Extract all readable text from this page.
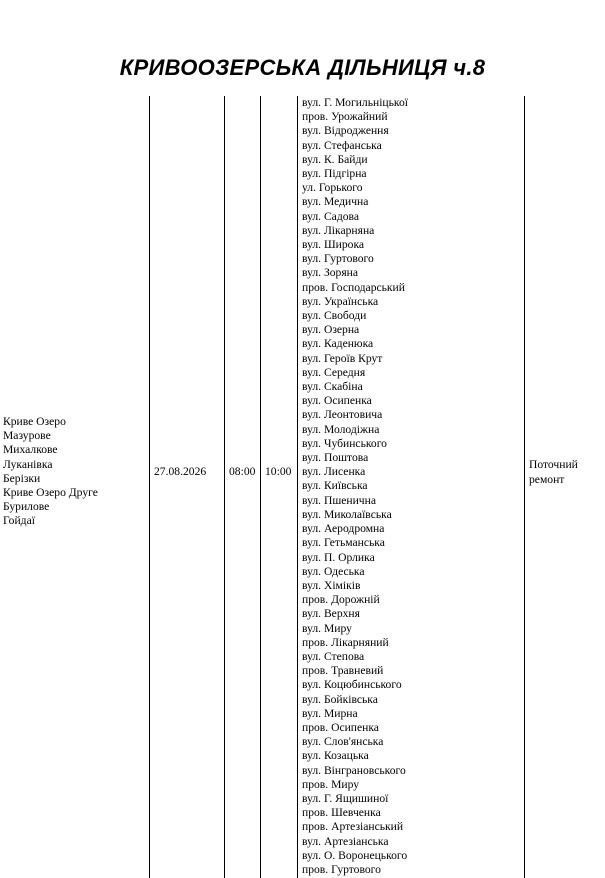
КРИВООЗЕРСЬКА ДІЛЬНИЦЯ ч.8
Криве Озеро
Мазурове
Михалкове
Луканівка
Берізки
Криве Озеро Друге
Бурилове
Гойдаї
27.08.2026 08:00 10:00
Поточний
ремонт
вул. Г. Могильніцької
пров. Урожайний
вул. Відродження
вул. Стефанська
вул. К. Байди
вул. Підгірна
ул. Горького
вул. Медична
вул. Садова
вул. Лікарняна
вул. Широка
вул. Гуртового
вул. Зоряна
пров. Господарський
вул. Українська
вул. Свободи
вул. Озерна
вул. Каденюка
вул. Героїв Крут
вул. Середня
вул. Скабіна
вул. Осипенка
вул. Леонтовича
вул. Молодіжна
вул. Чубинського
вул. Поштова
вул. Лисенка
вул. Київська
вул. Пшенична
вул. Миколаївська
вул. Аеродромна
вул. Гетьманська
вул. П. Орлика
вул. Одеська
вул. Хіміків
пров. Дорожній
вул. Верхня
вул. Миру
пров. Лікарняний
вул. Степова
пров. Травневий
вул. Коцюбинського
вул. Бойківська
вул. Мирна
пров. Осипенка
вул. Слов'янська
вул. Козацька
вул. Вінграновського
пров. Миру
вул. Г. Ящишиної
пров. Шевченка
пров. Артезіанський
вул. Артезіанська
вул. О. Воронецького
пров. Гуртового
